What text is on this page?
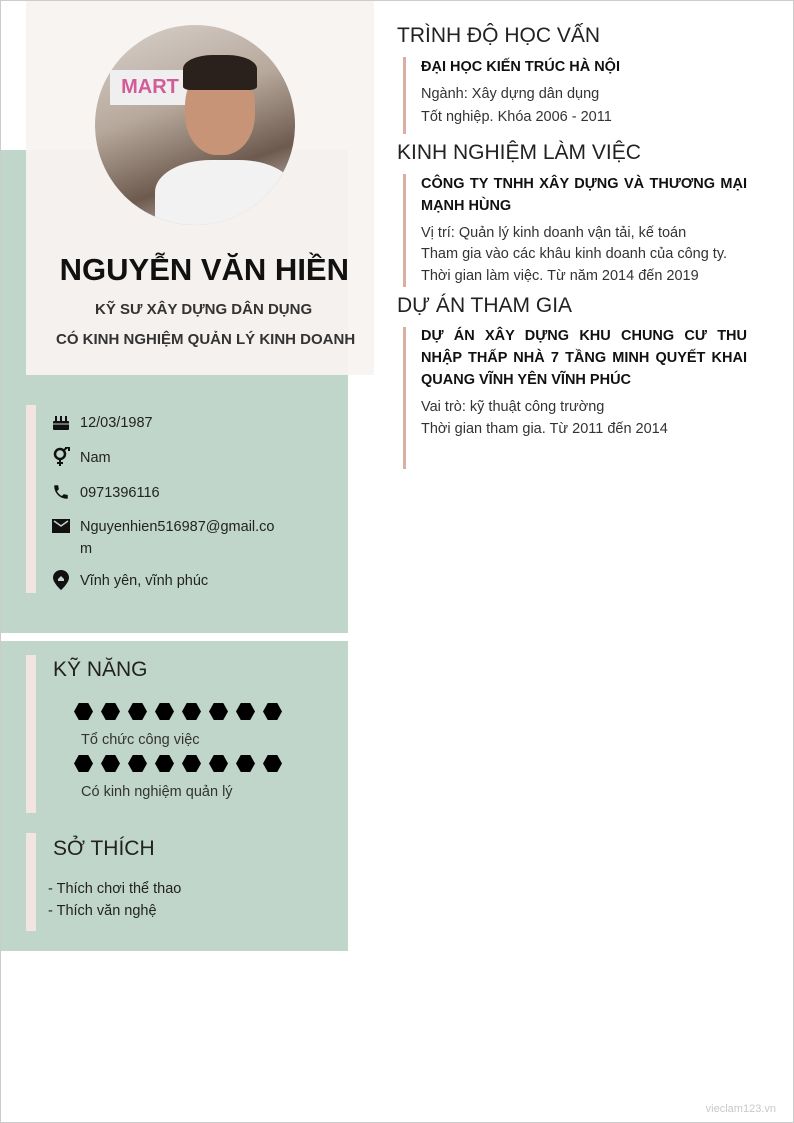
MART
NGUYỄN VĂN HIỀN
KỸ SƯ XÂY DỰNG DÂN DỤNG
CÓ KINH NGHIỆM QUẢN LÝ KINH DOANH
12/03/1987
Nam
0971396116
Nguyenhien516987@gmail.com
Vĩnh yên, vĩnh phúc
KỸ NĂNG
Tổ chức công việc
Có kinh nghiệm quản lý
SỞ THÍCH
- Thích chơi thể thao
- Thích văn nghệ
TRÌNH ĐỘ HỌC VẤN
ĐẠI HỌC KIẾN TRÚC HÀ NỘI
Ngành: Xây dựng dân dụng
Tốt nghiệp. Khóa 2006 - 2011
KINH NGHIỆM LÀM VIỆC
CÔNG TY TNHH XÂY DỰNG VÀ THƯƠNG MẠI MẠNH HÙNG
Vị trí: Quản lý kinh doanh vận tải, kế toán
Tham gia vào các khâu kinh doanh của công ty.
Thời gian làm việc. Từ năm 2014 đến 2019
DỰ ÁN THAM GIA
DỰ ÁN XÂY DỰNG KHU CHUNG CƯ THU NHẬP THẤP NHÀ 7 TẦNG MINH QUYẾT KHAI QUANG VĨNH YÊN VĨNH PHÚC
Vai trò: kỹ thuật công trường
Thời gian tham gia. Từ 2011 đến 2014
vieclam123.vn
